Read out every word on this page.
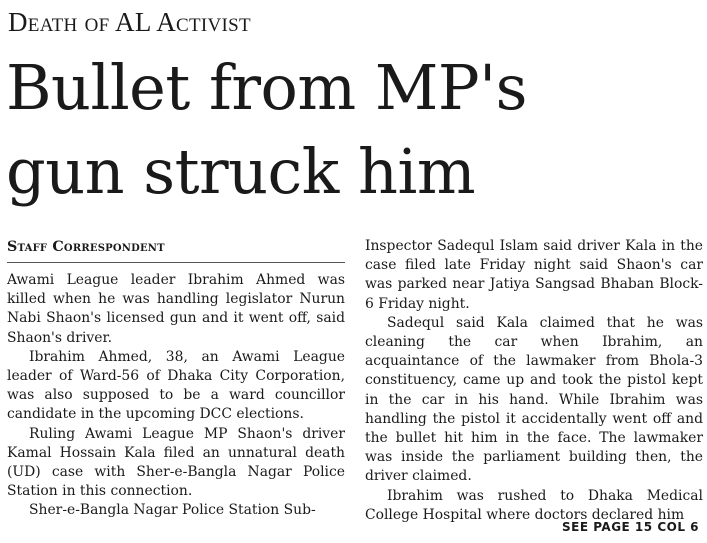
Death of AL Activist
Bullet from MP's
gun struck him
Staff Correspondent

Awami League leader Ibrahim Ahmed was killed when he was handling legislator Nurun Nabi Shaon's licensed gun and it went off, said Shaon's driver.

Ibrahim Ahmed, 38, an Awami League leader of Ward-56 of Dhaka City Corporation, was also supposed to be a ward councillor candidate in the upcoming DCC elections.

Ruling Awami League MP Shaon's driver Kamal Hossain Kala filed an unnatural death (UD) case with Sher-e-Bangla Nagar Police Station in this connection.

Sher-e-Bangla Nagar Police Station Sub-

Inspector Sadequl Islam said driver Kala in the case filed late Friday night said Shaon's car was parked near Jatiya Sangsad Bhaban Block-6 Friday night.

Sadequl said Kala claimed that he was cleaning the car when Ibrahim, an acquaintance of the lawmaker from Bhola-3 constituency, came up and took the pistol kept in the car in his hand. While Ibrahim was handling the pistol it accidentally went off and the bullet hit him in the face. The lawmaker was inside the parliament building then, the driver claimed.

Ibrahim was rushed to Dhaka Medical College Hospital where doctors declared him

SEE PAGE 15 COL 6
